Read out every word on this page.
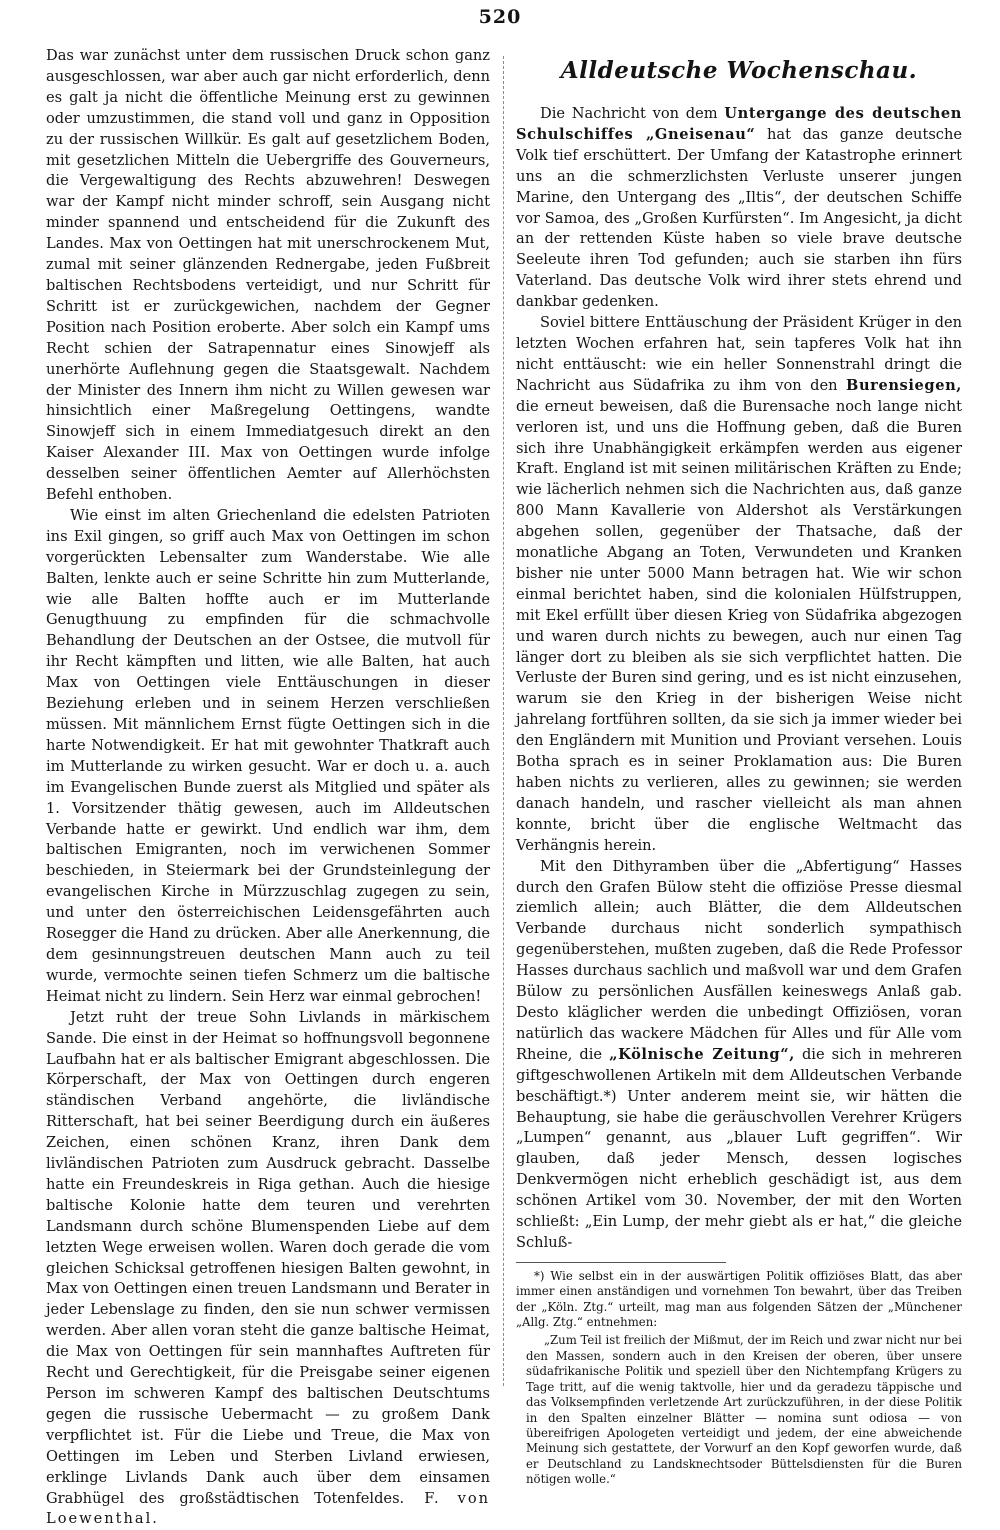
520

Das war zunächst unter dem russischen Druck schon ganz ausgeschlossen, war aber auch gar nicht erforderlich, denn es galt ja nicht die öffentliche Meinung erst zu gewinnen oder umzustimmen, die stand voll und ganz in Opposition zu der russischen Willkür. Es galt auf gesetzlichem Boden, mit gesetzlichen Mitteln die Uebergriffe des Gouverneurs, die Vergewaltigung des Rechts abzuwehren! Deswegen war der Kampf nicht minder schroff, sein Ausgang nicht minder spannend und entscheidend für die Zukunft des Landes. Max von Oettingen hat mit unerschrockenem Mut, zumal mit seiner glänzenden Rednergabe, jeden Fußbreit baltischen Rechtsbodens verteidigt, und nur Schritt für Schritt ist er zurückgewichen, nachdem der Gegner Position nach Position eroberte. Aber solch ein Kampf ums Recht schien der Satrapennatur eines Sinowjeff als unerhörte Auflehnung gegen die Staatsgewalt. Nachdem der Minister des Innern ihm nicht zu Willen gewesen war hinsichtlich einer Maßregelung Oettingens, wandte Sinowjeff sich in einem Immediatgesuch direkt an den Kaiser Alexander III. Max von Oettingen wurde infolge desselben seiner öffentlichen Aemter auf Allerhöchsten Befehl enthoben.

Wie einst im alten Griechenland die edelsten Patrioten ins Exil gingen, so griff auch Max von Oettingen im schon vorgerückten Lebensalter zum Wanderstabe. Wie alle Balten, lenkte auch er seine Schritte hin zum Mutterlande, wie alle Balten hoffte auch er im Mutterlande Genugthuung zu empfinden für die schmachvolle Behandlung der Deutschen an der Ostsee, die mutvoll für ihr Recht kämpften und litten, wie alle Balten, hat auch Max von Oettingen viele Enttäuschungen in dieser Beziehung erleben und in seinem Herzen verschließen müssen. Mit männlichem Ernst fügte Oettingen sich in die harte Notwendigkeit. Er hat mit gewohnter Thatkraft auch im Mutterlande zu wirken gesucht. War er doch u. a. auch im Evangelischen Bunde zuerst als Mitglied und später als 1. Vorsitzender thätig gewesen, auch im Alldeutschen Verbande hatte er gewirkt. Und endlich war ihm, dem baltischen Emigranten, noch im verwichenen Sommer beschieden, in Steiermark bei der Grundsteinlegung der evangelischen Kirche in Mürzzuschlag zugegen zu sein, und unter den österreichischen Leidensgefährten auch Rosegger die Hand zu drücken. Aber alle Anerkennung, die dem gesinnungstreuen deutschen Mann auch zu teil wurde, vermochte seinen tiefen Schmerz um die baltische Heimat nicht zu lindern. Sein Herz war einmal gebrochen!

Jetzt ruht der treue Sohn Livlands in märkischem Sande. Die einst in der Heimat so hoffnungsvoll begonnene Laufbahn hat er als baltischer Emigrant abgeschlossen. Die Körperschaft, der Max von Oettingen durch engeren ständischen Verband angehörte, die livländische Ritterschaft, hat bei seiner Beerdigung durch ein äußeres Zeichen, einen schönen Kranz, ihren Dank dem livländischen Patrioten zum Ausdruck gebracht. Dasselbe hatte ein Freundeskreis in Riga gethan. Auch die hiesige baltische Kolonie hatte dem teuren und verehrten Landsmann durch schöne Blumenspenden Liebe auf dem letzten Wege erweisen wollen. Waren doch gerade die vom gleichen Schicksal getroffenen hiesigen Balten gewohnt, in Max von Oettingen einen treuen Landsmann und Berater in jeder Lebenslage zu finden, den sie nun schwer vermissen werden. Aber allen voran steht die ganze baltische Heimat, die Max von Oettingen für sein mannhaftes Auftreten für Recht und Gerechtigkeit, für die Preisgabe seiner eigenen Person im schweren Kampf des baltischen Deutschtums gegen die russische Uebermacht — zu großem Dank verpflichtet ist. Für die Liebe und Treue, die Max von Oettingen im Leben und Sterben Livland erwiesen, erklinge Livlands Dank auch über dem einsamen Grabhügel des großstädtischen Totenfeldes. F. von Loewenthal.

Alldeutsche Wochenschau.

Die Nachricht von dem Untergange des deutschen Schulschiffes „Gneisenau“ hat das ganze deutsche Volk tief erschüttert. Der Umfang der Katastrophe erinnert uns an die schmerzlichsten Verluste unserer jungen Marine, den Untergang des „Iltis“, der deutschen Schiffe vor Samoa, des „Großen Kurfürsten“. Im Angesicht, ja dicht an der rettenden Küste haben so viele brave deutsche Seeleute ihren Tod gefunden; auch sie starben ihn fürs Vaterland. Das deutsche Volk wird ihrer stets ehrend und dankbar gedenken.

Soviel bittere Enttäuschung der Präsident Krüger in den letzten Wochen erfahren hat, sein tapferes Volk hat ihn nicht enttäuscht: wie ein heller Sonnenstrahl dringt die Nachricht aus Südafrika zu ihm von den Burensiegen, die erneut beweisen, daß die Burensache noch lange nicht verloren ist, und uns die Hoffnung geben, daß die Buren sich ihre Unabhängigkeit erkämpfen werden aus eigener Kraft. England ist mit seinen militärischen Kräften zu Ende; wie lächerlich nehmen sich die Nachrichten aus, daß ganze 800 Mann Kavallerie von Aldershot als Verstärkungen abgehen sollen, gegenüber der Thatsache, daß der monatliche Abgang an Toten, Verwundeten und Kranken bisher nie unter 5000 Mann betragen hat. Wie wir schon einmal berichtet haben, sind die kolonialen Hülfstruppen, mit Ekel erfüllt über diesen Krieg von Südafrika abgezogen und waren durch nichts zu bewegen, auch nur einen Tag länger dort zu bleiben als sie sich verpflichtet hatten. Die Verluste der Buren sind gering, und es ist nicht einzusehen, warum sie den Krieg in der bisherigen Weise nicht jahrelang fortführen sollten, da sie sich ja immer wieder bei den Engländern mit Munition und Proviant versehen. Louis Botha sprach es in seiner Proklamation aus: Die Buren haben nichts zu verlieren, alles zu gewinnen; sie werden danach handeln, und rascher vielleicht als man ahnen konnte, bricht über die englische Weltmacht das Verhängnis herein.

Mit den Dithyramben über die „Abfertigung“ Hasses durch den Grafen Bülow steht die offiziöse Presse diesmal ziemlich allein; auch Blätter, die dem Alldeutschen Verbande durchaus nicht sonderlich sympathisch gegenüberstehen, mußten zugeben, daß die Rede Professor Hasses durchaus sachlich und maßvoll war und dem Grafen Bülow zu persönlichen Ausfällen keineswegs Anlaß gab. Desto kläglicher werden die unbedingt Offiziösen, voran natürlich das wackere Mädchen für Alles und für Alle vom Rheine, die „Kölnische Zeitung“, die sich in mehreren giftgeschwollenen Artikeln mit dem Alldeutschen Verbande beschäftigt.*) Unter anderem meint sie, wir hätten die Behauptung, sie habe die geräuschvollen Verehrer Krügers „Lumpen“ genannt, aus „blauer Luft gegriffen“. Wir glauben, daß jeder Mensch, dessen logisches Denkvermögen nicht erheblich geschädigt ist, aus dem schönen Artikel vom 30. November, der mit den Worten schließt: „Ein Lump, der mehr giebt als er hat,“ die gleiche Schluß-

*) Wie selbst ein in der auswärtigen Politik offiziöses Blatt, das aber immer einen anständigen und vornehmen Ton bewahrt, über das Treiben der „Köln. Ztg.“ urteilt, mag man aus folgenden Sätzen der „Münchener „Allg. Ztg.“ entnehmen:

„Zum Teil ist freilich der Mißmut, der im Reich und zwar nicht nur bei den Massen, sondern auch in den Kreisen der oberen, über unsere südafrikanische Politik und speziell über den Nichtempfang Krügers zu Tage tritt, auf die wenig taktvolle, hier und da geradezu täppische und das Volksempfinden verletzende Art zurückzuführen, in der diese Politik in den Spalten einzelner Blätter — nomina sunt odiosa — von übereifrigen Apologeten verteidigt und jedem, der eine abweichende Meinung sich gestattete, der Vorwurf an den Kopf geworfen wurde, daß er Deutschland zu Landsknechtsoder Büttelsdiensten für die Buren nötigen wolle.“
